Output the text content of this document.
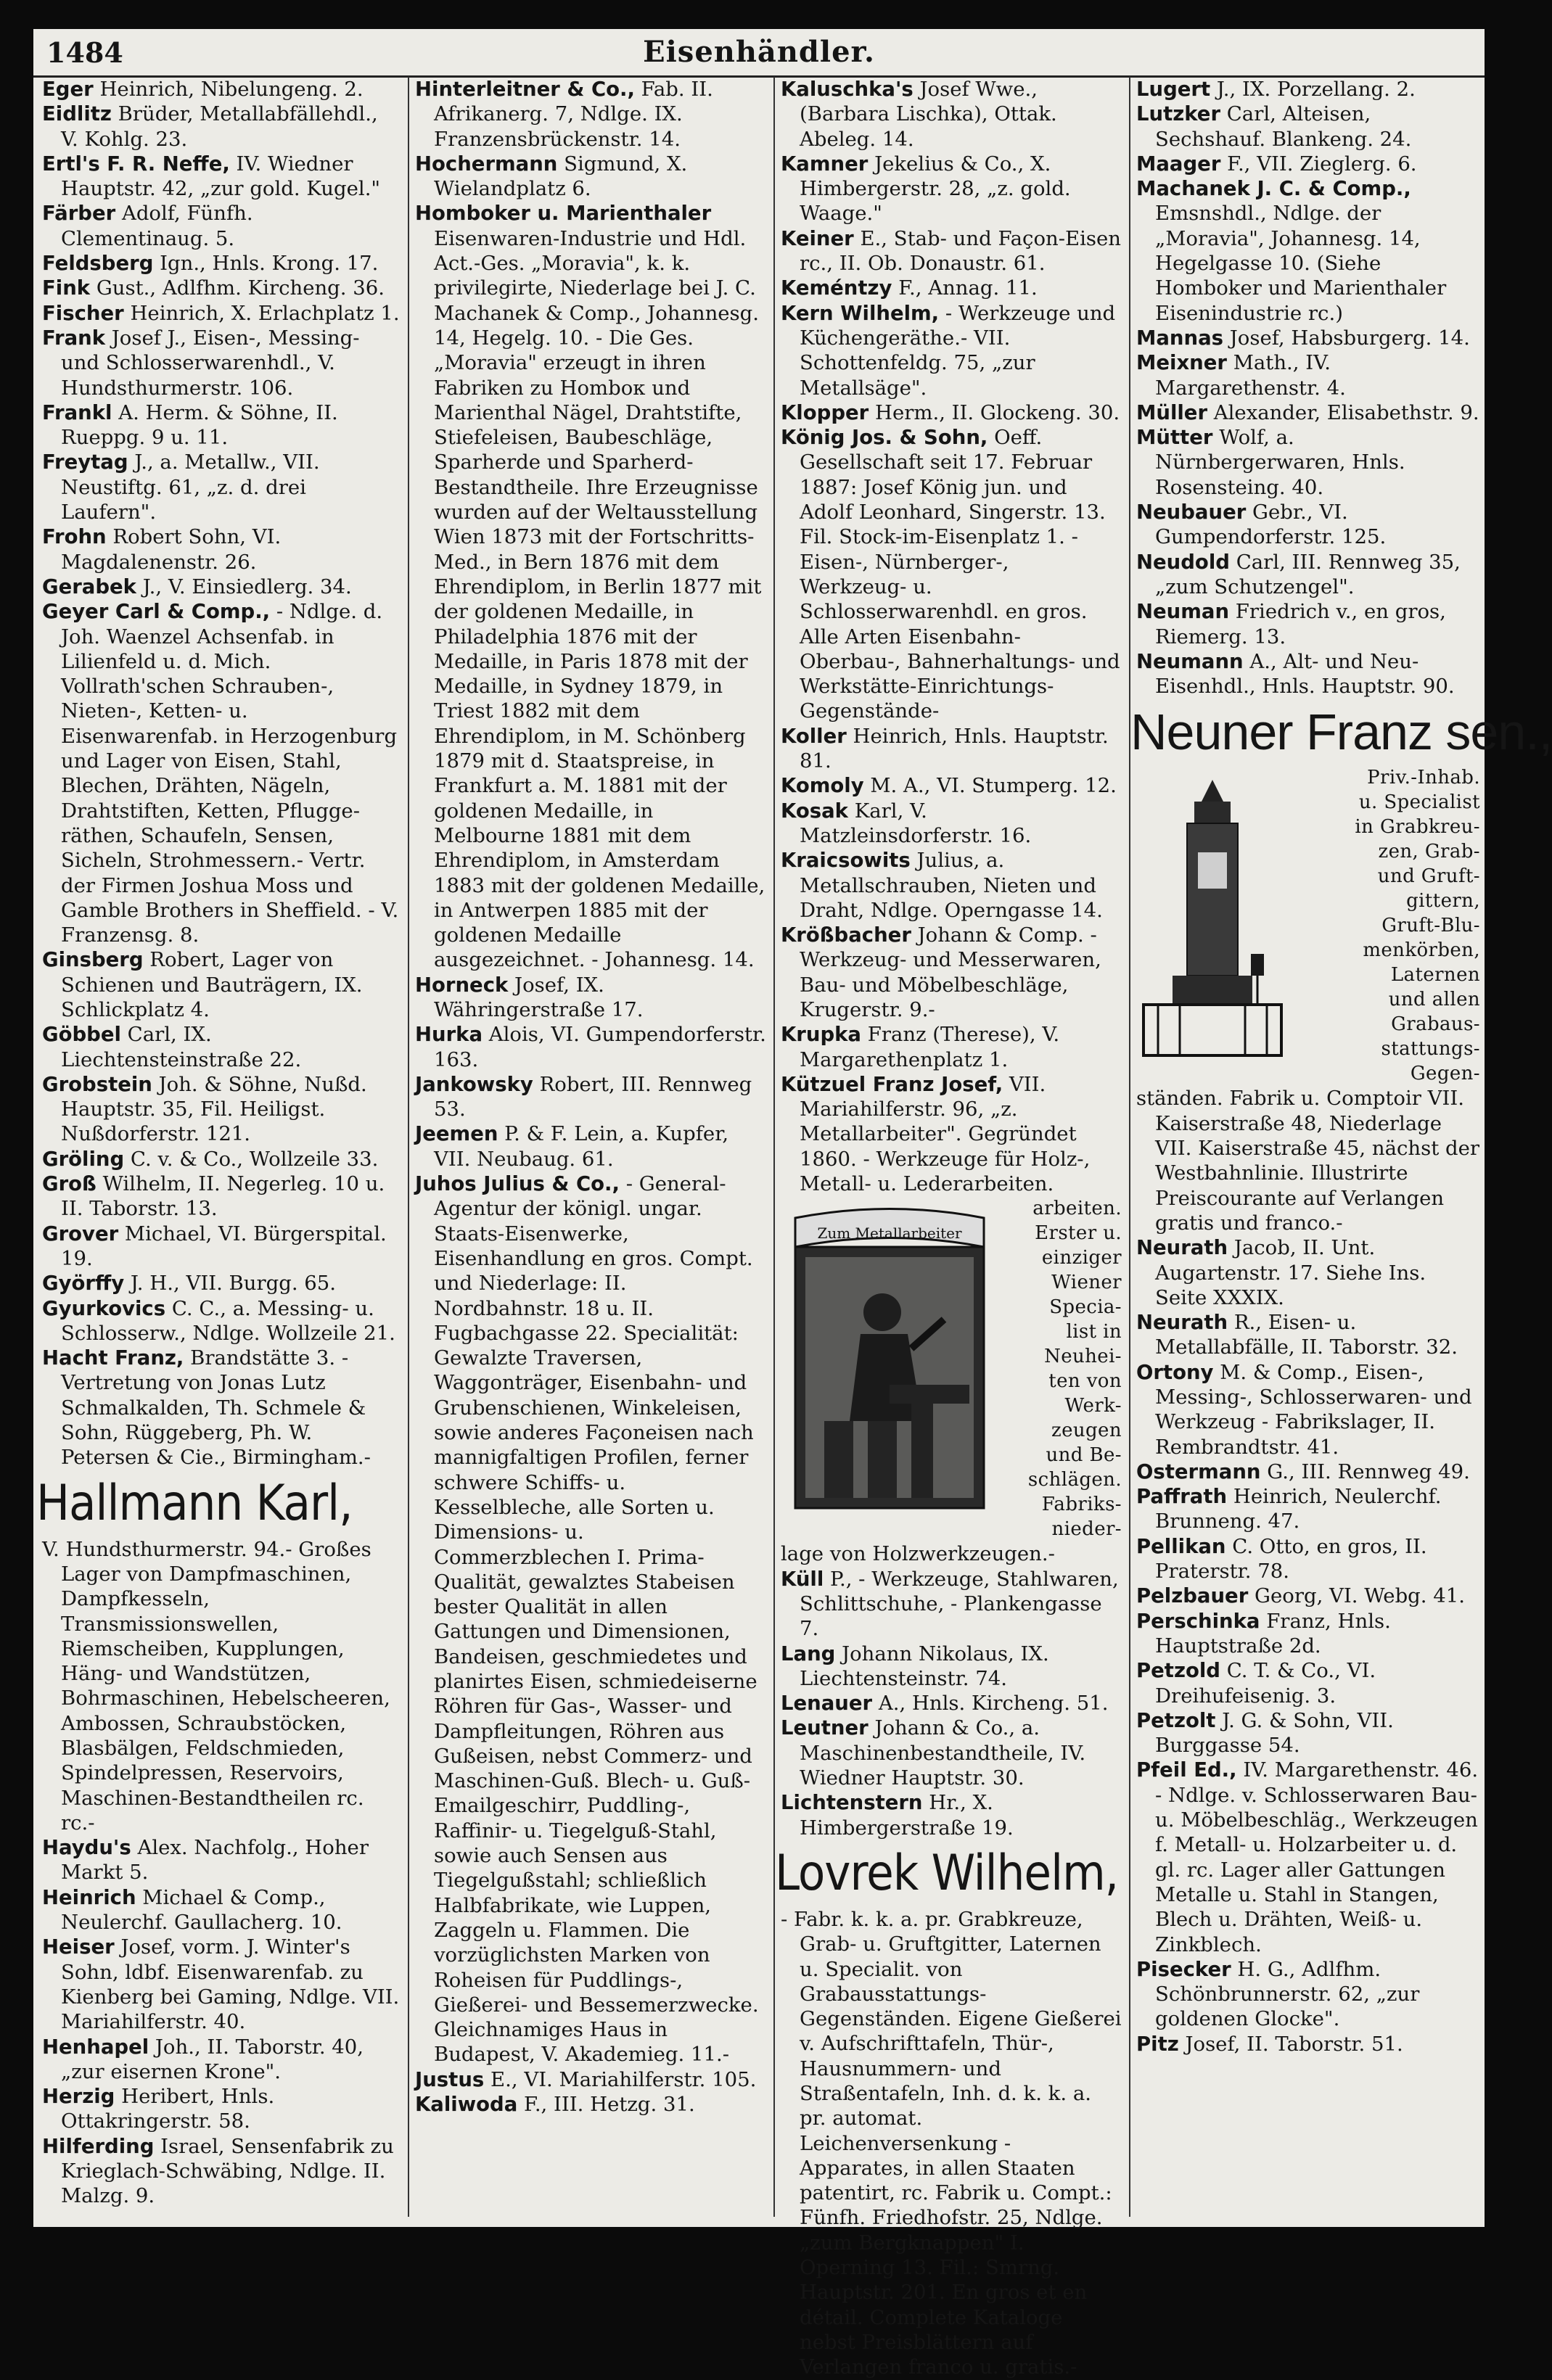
1484	Eisenhändler.

Eger Heinrich, Nibelungeng. 2.

Eidlitz Brüder, Metallabfällehdl., V. Kohlg. 23.

Ertl's F. R. Neffe, IV. Wiedner Hauptstr. 42, „zur gold. Kugel."

Färber Adolf, Fünfh. Clementinaug. 5.

Feldsberg Ign., Hnls. Krong. 17.

Fink Gust., Adlfhm. Kircheng. 36.

Fischer Heinrich, X. Erlachplatz 1.

Frank Josef J., Eisen-, Messing- und Schlosserwarenhdl., V. Hundsthurmerstr. 106.

Frankl A. Herm. & Söhne, II. Rueppg. 9 u. 11.

Freytag J., a. Metallw., VII. Neustiftg. 61, „z. d. drei Laufern".

Frohn Robert Sohn, VI. Magdalenenstr. 26.

Gerabek J., V. Einsiedlerg. 34.

Geyer Carl & Comp., - Ndlge. d. Joh. Waenzel Achsenfab. in Lilienfeld u. d. Mich. Vollrath'schen Schrauben-, Nieten-, Ketten- u. Eisenwarenfab. in Herzogenburg und Lager von Eisen, Stahl, Blechen, Drähten, Nägeln, Drahtstiften, Ketten, Pflugge-räthen, Schaufeln, Sensen, Sicheln, Strohmessern.- Vertr. der Firmen Joshua Moss und Gamble Brothers in Sheffield. - V. Franzensg. 8.

Ginsberg Robert, Lager von Schienen und Bauträgern, IX. Schlickplatz 4.

Göbbel Carl, IX. Liechtensteinstraße 22.

Grobstein Joh. & Söhne, Nußd. Hauptstr. 35, Fil. Heiligst. Nußdorferstr. 121.

Gröling C. v. & Co., Wollzeile 33.

Groß Wilhelm, II. Negerleg. 10 u. II. Taborstr. 13.

Grover Michael, VI. Bürgerspital. 19.

Györffy J. H., VII. Burgg. 65.

Gyurkovics C. C., a. Messing- u. Schlosserw., Ndlge. Wollzeile 21.

Hacht Franz, Brandstätte 3. - Vertretung von Jonas Lutz Schmalkalden, Th. Schmele & Sohn, Rüggeberg, Ph. W. Petersen & Cie., Birmingham.-

Hallmann Karl,

V. Hundsthurmerstr. 94.- Großes Lager von Dampfmaschinen, Dampfkesseln, Transmissionswellen, Riemscheiben, Kupplungen, Häng- und Wandstützen, Bohrmaschinen, Hebelscheeren, Ambossen, Schraubstöcken, Blasbälgen, Feldschmieden, Spindelpressen, Reservoirs, Maschinen-Bestandtheilen rc. rc.-

Haydu's Alex. Nachfolg., Hoher Markt 5.

Heinrich Michael & Comp., Neulerchf. Gaullacherg. 10.

Heiser Josef, vorm. J. Winter's Sohn, ldbf. Eisenwarenfab. zu Kienberg bei Gaming, Ndlge. VII. Mariahilferstr. 40.

Henhapel Joh., II. Taborstr. 40, „zur eisernen Krone".

Herzig Heribert, Hnls. Ottakringerstr. 58.

Hilferding Israel, Sensenfabrik zu Krieglach-Schwäbing, Ndlge. II. Malzg. 9.

Hinterleitner & Co., Fab. II. Afrikanerg. 7, Ndlge. IX. Franzensbrückenstr. 14.

Hochermann Sigmund, X. Wielandplatz 6.

Homboker u. Marienthaler Eisenwaren-Industrie und Hdl. Act.-Ges. „Moravia", k. k. privilegirte, Niederlage bei J. C. Machanek & Comp., Johannesg. 14, Hegelg. 10. - Die Ges. „Moravia" erzeugt in ihren Fabriken zu Homboк und Marienthal Nägel, Drahtstifte, Stiefeleisen, Baubeschläge, Sparherde und Sparherd-Bestandtheile. Ihre Erzeugnisse wurden auf der Weltausstellung Wien 1873 mit der Fortschritts-Med., in Bern 1876 mit dem Ehrendiplom, in Berlin 1877 mit der goldenen Medaille, in Philadelphia 1876 mit der Medaille, in Paris 1878 mit der Medaille, in Sydney 1879, in Triest 1882 mit dem Ehrendiplom, in M. Schönberg 1879 mit d. Staatspreise, in Frankfurt a. M. 1881 mit der goldenen Medaille, in Melbourne 1881 mit dem Ehrendiplom, in Amsterdam 1883 mit der goldenen Medaille, in Antwerpen 1885 mit der goldenen Medaille ausgezeichnet. - Johannesg. 14.

Horneck Josef, IX. Währingerstraße 17.

Hurka Alois, VI. Gumpendorferstr. 163.

Jankowsky Robert, III. Rennweg 53.

Jeemen P. & F. Lein, a. Kupfer, VII. Neubaug. 61.

Juhos Julius & Co., - General-Agentur der königl. ungar. Staats-Eisenwerke, Eisenhandlung en gros. Compt. und Niederlage: II. Nordbahnstr. 18 u. II. Fugbachgasse 22. Specialität: Gewalzte Traversen, Waggonträger, Eisenbahn- und Grubenschienen, Winkeleisen, sowie anderes Façoneisen nach mannigfaltigen Profilen, ferner schwere Schiffs- u. Kesselbleche, alle Sorten u. Dimensions- u. Commerzblechen I. Prima-Qualität, gewalztes Stabeisen bester Qualität in allen Gattungen und Dimensionen, Bandeisen, geschmiedetes und planirtes Eisen, schmiedeiserne Röhren für Gas-, Wasser- und Dampfleitungen, Röhren aus Gußeisen, nebst Commerz- und Maschinen-Guß. Blech- u. Guß-Emailgeschirr, Puddling-, Raffinir- u. Tiegelguß-Stahl, sowie auch Sensen aus Tiegelgußstahl; schließlich Halbfabrikate, wie Luppen, Zaggeln u. Flammen. Die vorzüglichsten Marken von Roheisen für Puddlings-, Gießerei- und Bessemerzwecke. Gleichnamiges Haus in Budapest, V. Akademieg. 11.-

Justus E., VI. Mariahilferstr. 105.

Kaliwoda F., III. Hetzg. 31.

Kaluschka's Josef Wwe., (Barbara Lischka), Ottak. Abeleg. 14.

Kamner Jekelius & Co., X. Himbergerstr. 28, „z. gold. Waage."

Keiner E., Stab- und Façon-Eisen rc., II. Ob. Donaustr. 61.

Keméntzy F., Annag. 11.

Kern Wilhelm, - Werkzeuge und Küchengeräthe.- VII. Schottenfeldg. 75, „zur Metallsäge".

Klopper Herm., II. Glockeng. 30.

König Jos. & Sohn, Oeff. Gesellschaft seit 17. Februar 1887: Josef König jun. und Adolf Leonhard, Singerstr. 13. Fil. Stock-im-Eisenplatz 1. - Eisen-, Nürnberger-, Werkzeug- u. Schlosserwarenhdl. en gros. Alle Arten Eisenbahn-Oberbau-, Bahnerhaltungs- und Werkstätte-Einrichtungs-Gegenstände-

Koller Heinrich, Hnls. Hauptstr. 81.

Komoly M. A., VI. Stumperg. 12.

Kosak Karl, V. Matzleinsdorferstr. 16.

Kraicsowits Julius, a. Metallschrauben, Nieten und Draht, Ndlge. Operngasse 14.

Krößbacher Johann & Comp. - Werkzeug- und Messerwaren, Bau- und Möbelbeschläge, Krugerstr. 9.-

Krupka Franz (Therese), V. Margarethenplatz 1.

Kützuel Franz Josef, VII. Mariahilferstr. 96, „z. Metallarbeiter". Gegründet 1860. - Werkzeuge für Holz-, Metall- u. Lederarbeiten.

Zum Metallarbeiter
arbeiten.
Erster u.
einziger
Wiener
Specia-
list in
Neuhei-
ten von
Werk-
zeugen
und Be-
schlägen.
Fabriks-
nieder-

lage von Holzwerkzeugen.-

Küll P., - Werkzeuge, Stahlwaren, Schlittschuhe, - Plankengasse 7.

Lang Johann Nikolaus, IX. Liechtensteinstr. 74.

Lenauer A., Hnls. Kircheng. 51.

Leutner Johann & Co., a. Maschinenbestandtheile, IV. Wiedner Hauptstr. 30.

Lichtenstern Hr., X. Himbergerstraße 19.

Lovrek Wilhelm,

- Fabr. k. k. a. pr. Grabkreuze, Grab- u. Gruftgitter, Laternen u. Specialit. von Grabausstattungs-Gegenständen. Eigene Gießerei v. Aufschrifttafeln, Thür-, Hausnummern- und Straßentafeln, Inh. d. k. k. a. pr. automat. Leichenversenkung - Apparates, in allen Staaten patentirt, rc. Fabrik u. Compt.: Fünfh. Friedhofstr. 25, Ndlge. „zum Bergknappen" I. Operning 13. Fil.: Smrng. Hauptstr. 201. En gros et en détail. Complete Kataloge nebst Preisblättern auf Verlangen franco u. gratis.-

Lugert J., IX. Porzellang. 2.

Lutzker Carl, Alteisen, Sechshauf. Blankeng. 24.

Maager F., VII. Zieglerg. 6.

Machanek J. C. & Comp., Emsnshdl., Ndlge. der „Moravia", Johannesg. 14, Hegelgasse 10. (Siehe Homboker und Marienthaler Eisenindustrie rc.)

Mannas Josef, Habsburgerg. 14.

Meixner Math., IV. Margarethenstr. 4.

Müller Alexander, Elisabethstr. 9.

Mütter Wolf, a. Nürnbergerwaren, Hnls. Rosensteing. 40.

Neubauer Gebr., VI. Gumpendorferstr. 125.

Neudold Carl, III. Rennweg 35, „zum Schutzengel".

Neuman Friedrich v., en gros, Riemerg. 13.

Neumann A., Alt- und Neu-Eisenhdl., Hnls. Hauptstr. 90.

Neuner Franz sen.,
Priv.-Inhab.
u. Specialist
in Grabkreu-
zen, Grab-
und Gruft-
gittern,
Gruft-Blu-
menkörben,
Laternen
und allen
Grabaus-
stattungs-
Gegen-

ständen. Fabrik u. Comptoir VII. Kaiserstraße 48, Niederlage VII. Kaiserstraße 45, nächst der Westbahnlinie. Illustrirte Preiscourante auf Verlangen gratis und franco.-

Neurath Jacob, II. Unt. Augartenstr. 17. Siehe Ins. Seite XXXIX.

Neurath R., Eisen- u. Metallabfälle, II. Taborstr. 32.

Ortony M. & Comp., Eisen-, Messing-, Schlosserwaren- und Werkzeug - Fabrikslager, II. Rembrandtstr. 41.

Ostermann G., III. Rennweg 49.

Paffrath Heinrich, Neulerchf. Brunneng. 47.

Pellikan C. Otto, en gros, II. Praterstr. 78.

Pelzbauer Georg, VI. Webg. 41.

Perschinka Franz, Hnls. Hauptstraße 2d.

Petzold C. T. & Co., VI. Dreihufeisenig. 3.

Petzolt J. G. & Sohn, VII. Burggasse 54.

Pfeil Ed., IV. Margarethenstr. 46. - Ndlge. v. Schlosserwaren Bau- u. Möbelbeschläg., Werkzeugen f. Metall- u. Holzarbeiter u. d. gl. rc. Lager aller Gattungen Metalle u. Stahl in Stangen, Blech u. Drähten, Weiß- u. Zinkblech.

Pisecker H. G., Adlfhm. Schönbrunnerstr. 62, „zur goldenen Glocke".

Pitz Josef, II. Taborstr. 51.
